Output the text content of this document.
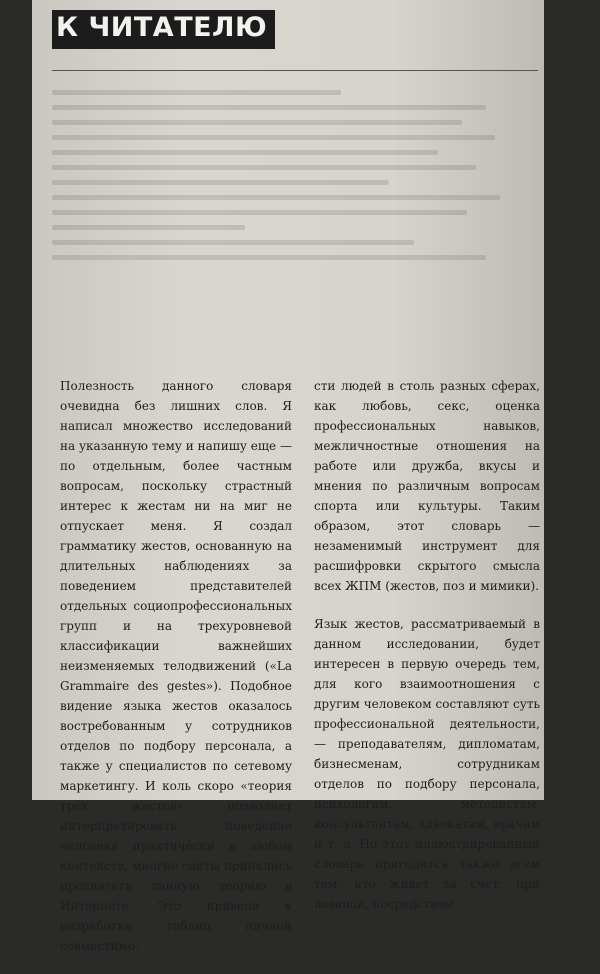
К ЧИТАТЕЛЮ

Полезность данного словаря очевидна без лишних слов. Я написал множество исследований на указанную тему и напишу еще — по отдельным, более частным вопросам, поскольку страстный интерес к жестам ни на миг не отпускает меня. Я создал грамматику жестов, основанную на длительных наблюдениях за поведением представителей отдельных социопрофессиональных групп и на трехуровневой классификации важнейших неизменяемых телодвижений («La Grammaire des gestes»). Подобное видение языка жестов оказалось востребованным у сотрудников отделов по подбору персонала, а также у специалистов по сетевому маркетингу. И коль скоро «теория трех жестов» позволяет интерпретировать поведение человека практически в любом контексте, многие сайты принялись продвигать данную теорию в Интернете. Это привело к разработке таблиц личной совместимо-

сти людей в столь разных сферах, как любовь, секс, оценка профессиональных навыков, межличностные отношения на работе или дружба, вкусы и мнения по различным вопросам спорта или культуры. Таким образом, этот словарь — незаменимый инструмент для расшифровки скрытого смысла всех ЖПМ (жестов, поз и мимики).

Язык жестов, рассматриваемый в данном исследовании, будет интересен в первую очередь тем, для кого взаимоотношения с другим человеком составляют суть профессиональной деятельности, — преподавателям, дипломатам, бизнесменам, сотрудникам отделов по подбору персонала, психологам, методистам, консультантам, адвокатам, врачам и т. д. Но этот иллюстрированный словарь пригодится также всем тем, кто живет за счет, при помощи, посредством
